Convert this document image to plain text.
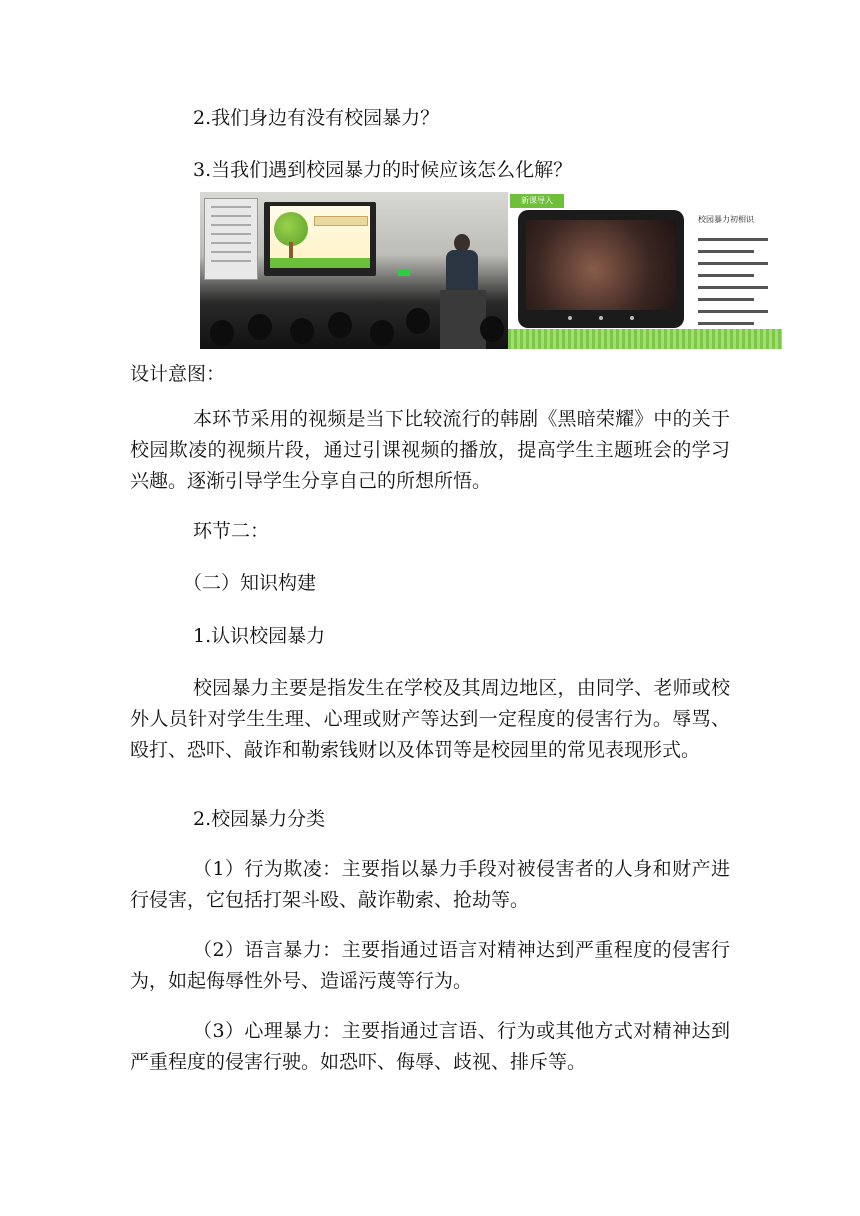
2.我们身边有没有校园暴力？
3.当我们遇到校园暴力的时候应该怎么化解？
新课导入
校园暴力初相识
设计意图：
本环节采用的视频是当下比较流行的韩剧《黑暗荣耀》中的关于校园欺凌的视频片段，通过引课视频的播放，提高学生主题班会的学习兴趣。逐渐引导学生分享自己的所想所悟。
环节二：
（二）知识构建
1.认识校园暴力
校园暴力主要是指发生在学校及其周边地区，由同学、老师或校外人员针对学生生理、心理或财产等达到一定程度的侵害行为。辱骂、殴打、恐吓、敲诈和勒索钱财以及体罚等是校园里的常见表现形式。
2.校园暴力分类
（1）行为欺凌：主要指以暴力手段对被侵害者的人身和财产进行侵害，它包括打架斗殴、敲诈勒索、抢劫等。
（2）语言暴力：主要指通过语言对精神达到严重程度的侵害行为，如起侮辱性外号、造谣污蔑等行为。
（3）心理暴力：主要指通过言语、行为或其他方式对精神达到严重程度的侵害行驶。如恐吓、侮辱、歧视、排斥等。
